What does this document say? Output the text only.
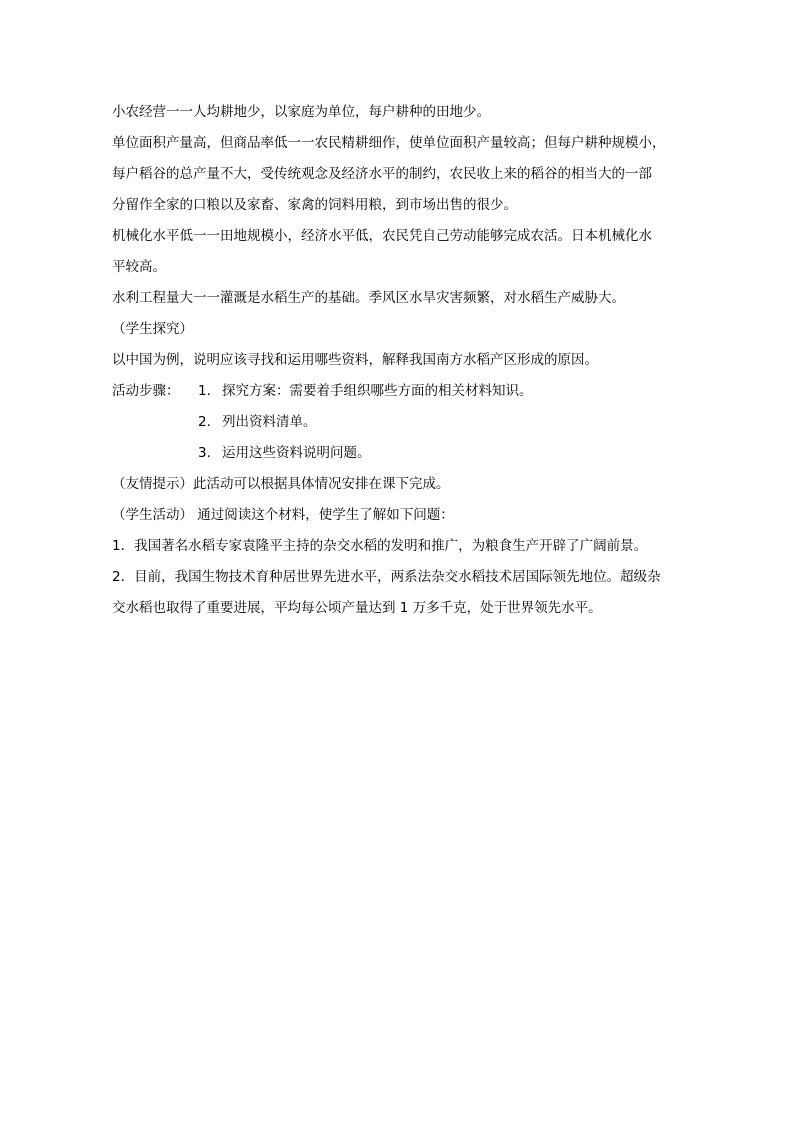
小农经营一一人均耕地少，以家庭为单位，每户耕种的田地少。
单位面积产量高，但商品率低一一农民精耕细作，使单位面积产量较高；但每户耕种规模小，
每户稻谷的总产量不大，受传统观念及经济水平的制约，农民收上来的稻谷的相当大的一部
分留作全家的口粮以及家畜、家禽的饲料用粮，到市场出售的很少。
机械化水平低一一田地规模小，经济水平低，农民凭自己劳动能够完成农活。日本机械化水
平较高。
水利工程量大一一灌溉是水稻生产的基础。季风区水旱灾害频繁，对水稻生产威胁大。
（学生探究）
以中国为例，说明应该寻找和运用哪些资料，解释我国南方水稻产区形成的原因。
活动步骤：	1. 探究方案：需要着手组织哪些方面的相关材料知识。
2. 列出资料清单。
3. 运用这些资料说明问题。
（友情提示）此活动可以根据具体情况安排在课下完成。
（学生活动） 通过阅读这个材料，使学生了解如下问题：
1．我国著名水稻专家袁隆平主持的杂交水稻的发明和推广，为粮食生产开辟了广阔前景。
2．目前，我国生物技术育种居世界先进水平，两系法杂交水稻技术居国际领先地位。超级杂
交水稻也取得了重要进展，平均每公顷产量达到 1 万多千克，处于世界领先水平。
